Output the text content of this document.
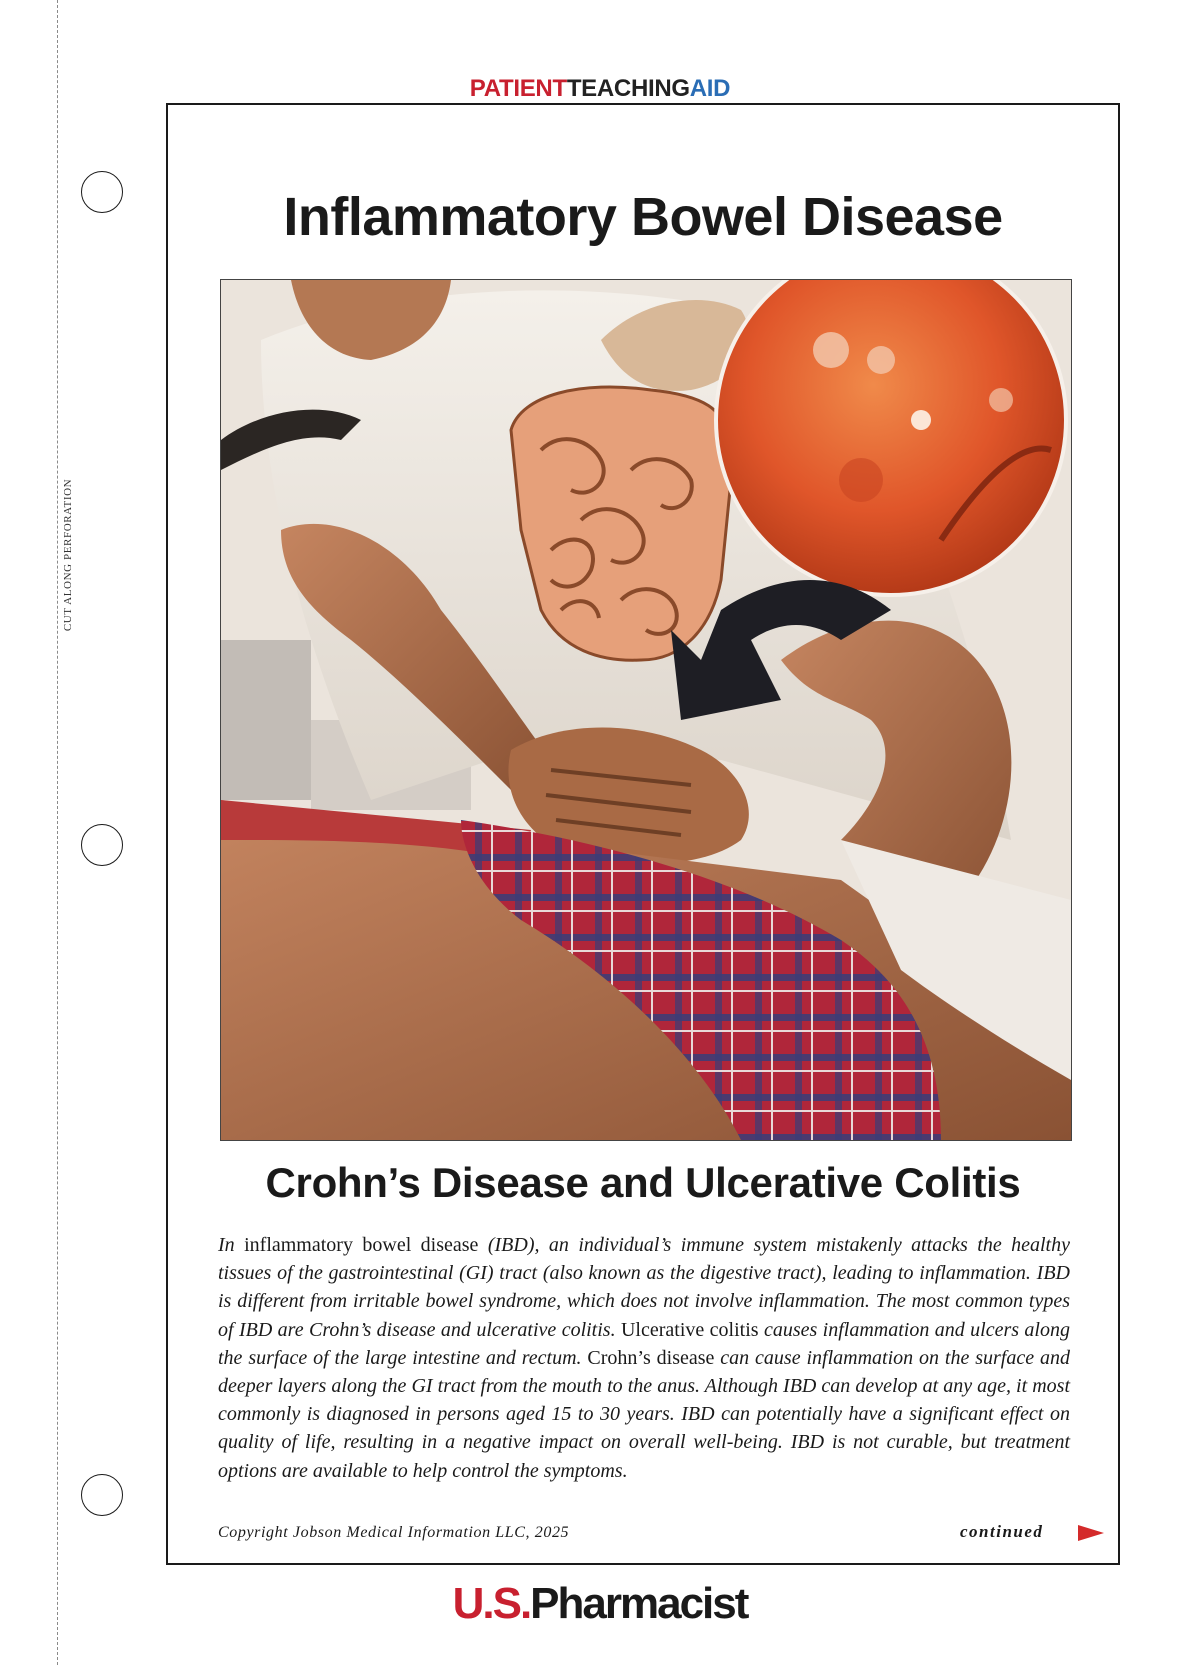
CUT ALONG PERFORATION
PATIENTTEACHINGAID
Inflammatory Bowel Disease
Crohn’s Disease and Ulcerative Colitis
In inflammatory bowel disease (IBD), an individual’s immune system mistakenly attacks the healthy tissues of the gastrointestinal (GI) tract (also known as the digestive tract), leading to inflammation. IBD is different from irritable bowel syndrome, which does not involve inflammation. The most common types of IBD are Crohn’s disease and ulcerative colitis. Ulcerative colitis causes inflammation and ulcers along the surface of the large intestine and rectum. Crohn’s disease can cause inflammation on the surface and deeper layers along the GI tract from the mouth to the anus. Although IBD can develop at any age, it most commonly is diagnosed in persons aged 15 to 30 years. IBD can potentially have a significant effect on quality of life, resulting in a negative impact on overall well-being. IBD is not curable, but treatment options are available to help control the symptoms.
Copyright Jobson Medical Information LLC, 2025	continued
U.S.Pharmacist
